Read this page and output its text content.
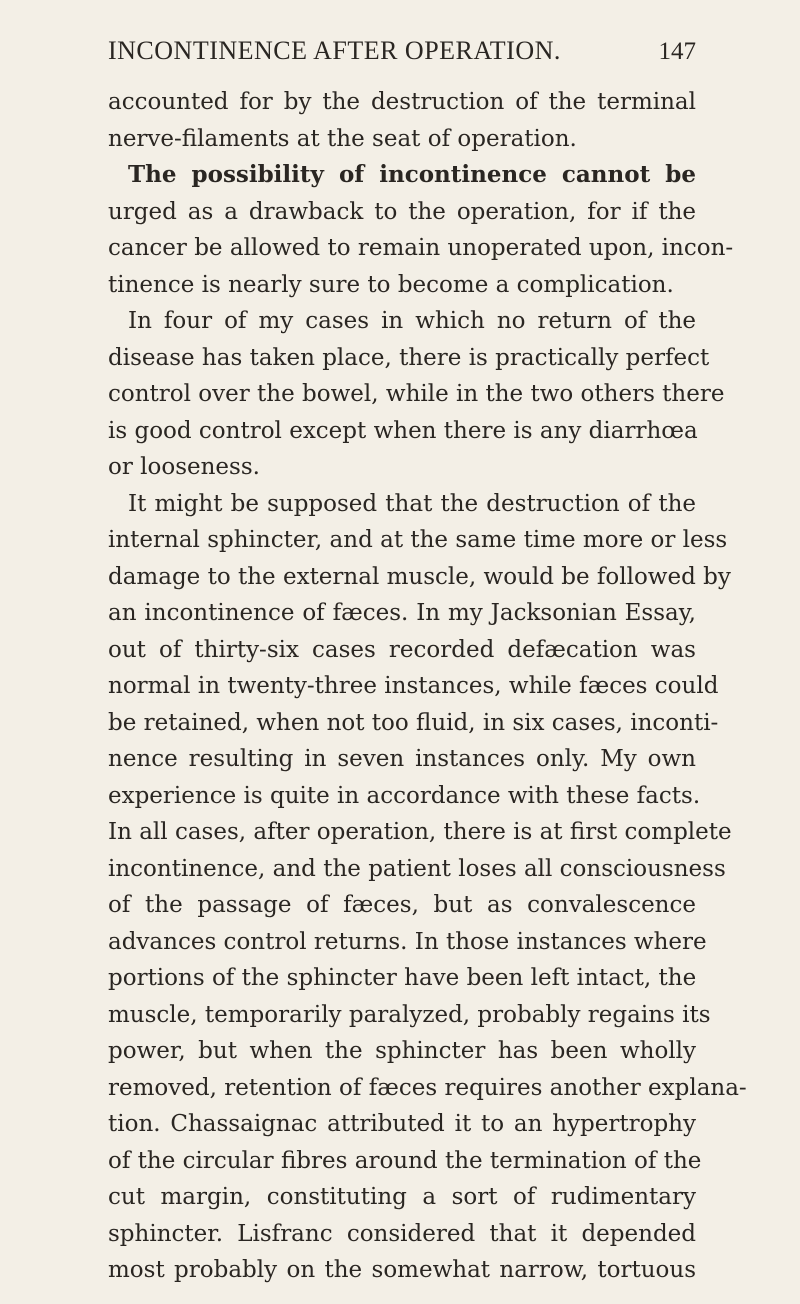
INCONTINENCE AFTER OPERATION.	147
accounted for by the destruction of the terminal
nerve-filaments at the seat of operation.
The possibility of incontinence cannot be
urged as a drawback to the operation, for if the
cancer be allowed to remain unoperated upon, incon-
tinence is nearly sure to become a complication.
In four of my cases in which no return of the
disease has taken place, there is practically perfect
control over the bowel, while in the two others there
is good control except when there is any diarrhœa
or looseness.
It might be supposed that the destruction of the
internal sphincter, and at the same time more or less
damage to the external muscle, would be followed by
an incontinence of fæces. In my Jacksonian Essay,
out of thirty-six cases recorded defæcation was
normal in twenty-three instances, while fæces could
be retained, when not too fluid, in six cases, inconti-
nence resulting in seven instances only. My own
experience is quite in accordance with these facts.
In all cases, after operation, there is at first complete
incontinence, and the patient loses all consciousness
of the passage of fæces, but as convalescence
advances control returns. In those instances where
portions of the sphincter have been left intact, the
muscle, temporarily paralyzed, probably regains its
power, but when the sphincter has been wholly
removed, retention of fæces requires another explana-
tion. Chassaignac attributed it to an hypertrophy
of the circular fibres around the termination of the
cut margin, constituting a sort of rudimentary
sphincter. Lisfranc considered that it depended
most probably on the somewhat narrow, tortuous
